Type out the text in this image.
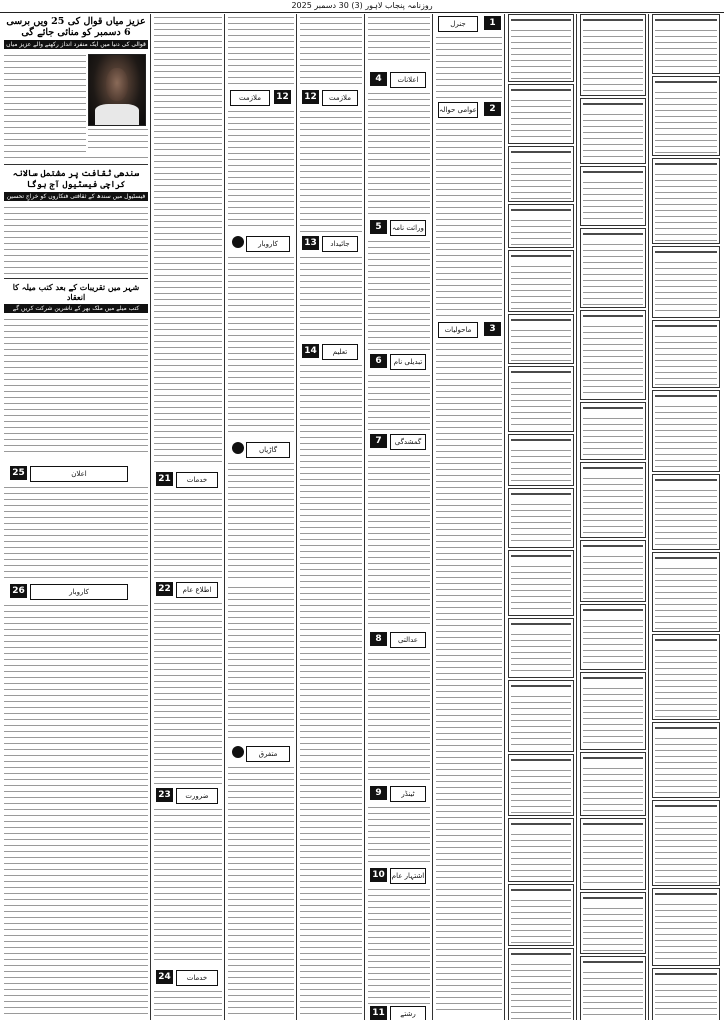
روزنامہ پنجاب لاہور (3) 30 دسمبر 2025
عزیز میاں قوال کی 25 ویں برسی 6 دسمبر کو منائی جائے گی
قوالی کی دنیا میں ایک منفرد انداز رکھنے والے عزیز میاں
سندھی ثقافت پر مشتمل سالانہ کراچی فیسٹیول آج ہوگا
فیسٹیول میں سندھ کے ثقافتی فنکاروں کو خراجِ تحسین
شہر میں تقریبات کے بعد کتب میلہ کا انعقاد
کتب میلے میں ملک بھر کے ناشرین شرکت کریں گے
25	اعلان
26	کاروبار
21	خدمات
22	اطلاع عام
23	ضرورت
24	خدمات
12
ملازمت
کاروبار
گاڑیاں
متفرق
12	ملازمت
13	جائیداد
14	تعلیم
4	اعلانات
5	وراثت نامہ
6	تبدیلی نام
7	گمشدگی
8	عدالتی
9	ٹینڈر
10	اشتہار عام
11	رشتے
1
جنرل
2
عوامی حوالہ
3
ماحولیات
